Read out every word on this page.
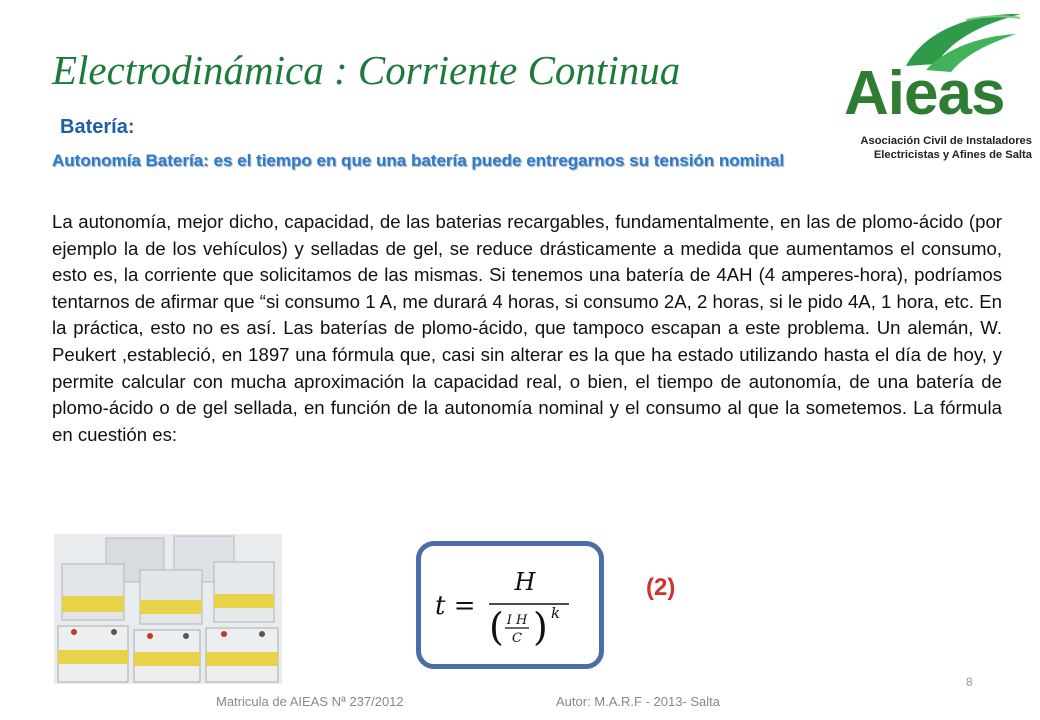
Electrodinámica : Corriente Continua	Aieas
Asociación Civil de Instaladores
Electricistas y Afines de Salta
Batería:
Autonomía Batería: es el tiempo en que una batería puede entregarnos su tensión nominal
La autonomía, mejor dicho, capacidad, de las baterias recargables, fundamentalmente, en las de plomo-ácido (por ejemplo la de los vehículos) y selladas de gel, se reduce drásticamente a medida que aumentamos el consumo, esto es, la corriente que solicitamos de las mismas. Si tenemos una batería de 4AH (4 amperes-hora), podríamos tentarnos de afirmar que “si consumo 1 A, me durará 4 horas, si consumo 2A, 2 horas, si le pido 4A, 1 hora, etc. En la práctica, esto no es así. Las baterías de plomo-ácido, que tampoco escapan a este problema. Un alemán, W. Peukert ,estableció, en 1897 una fórmula que, casi sin alterar es la que ha estado utilizando hasta el día de hoy, y permite calcular con mucha aproximación la capacidad real, o bien, el tiempo de autonomía, de una batería de plomo-ácido o de gel sellada, en función de la autonomía nominal y el consumo al que la sometemos. La fórmula en cuestión es:
t =
H
( I H
C ) k
(2)
8
Matricula de AIEAS Nª 237/2012	Autor: M.A.R.F - 2013- Salta
